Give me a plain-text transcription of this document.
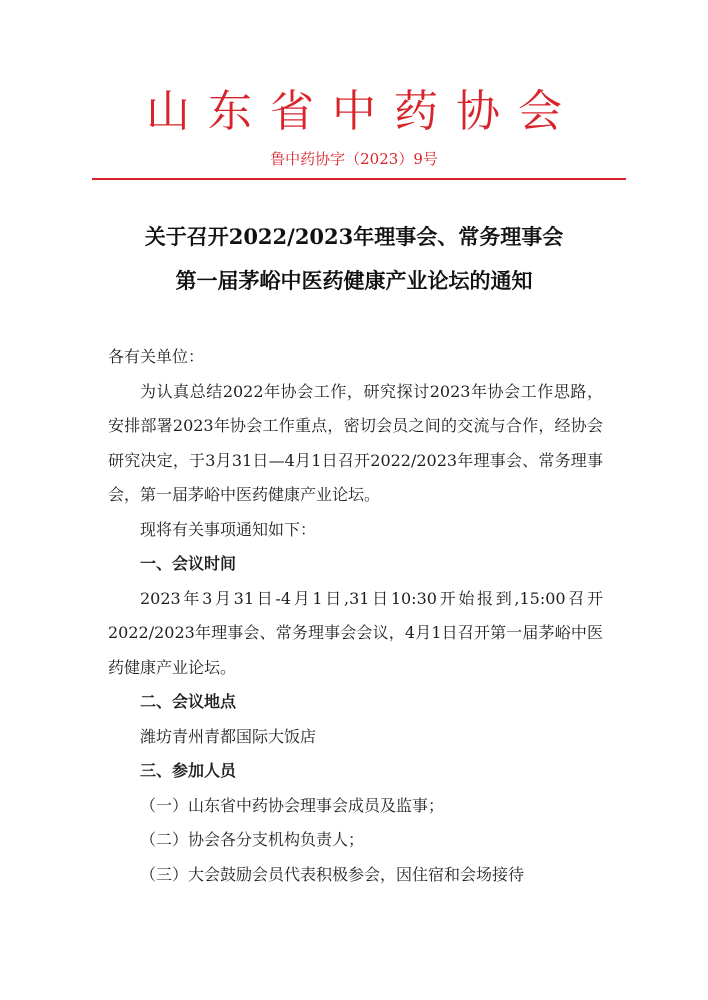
山东省中药协会
鲁中药协字（2023）9号
关于召开2022/2023年理事会、常务理事会
第一届茅峪中医药健康产业论坛的通知

各有关单位：

为认真总结2022年协会工作，研究探讨2023年协会工作思路，安排部署2023年协会工作重点，密切会员之间的交流与合作，经协会研究决定，于3月31日—4月1日召开2022/2023年理事会、常务理事会，第一届茅峪中医药健康产业论坛。

现将有关事项通知如下：

一、会议时间

2023年3月31日-4月1日,31日10:30开始报到,15:00召开2022/2023年理事会、常务理事会会议，4月1日召开第一届茅峪中医药健康产业论坛。

二、会议地点

潍坊青州青都国际大饭店

三、参加人员

（一）山东省中药协会理事会成员及监事；

（二）协会各分支机构负责人；

（三）大会鼓励会员代表积极参会，因住宿和会场接待
